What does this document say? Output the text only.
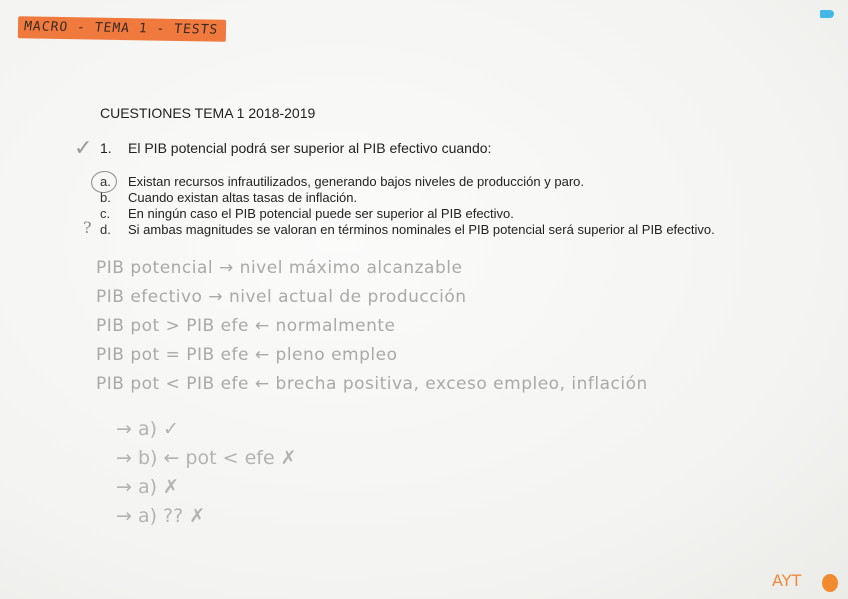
MACRO - TEMA 1 - TESTS
CUESTIONES TEMA 1 2018-2019
✓ 1. El PIB potencial podrá ser superior al PIB efectivo cuando:
?
a.	Existan recursos infrautilizados, generando bajos niveles de producción y paro.
b.	Cuando existan altas tasas de inflación.
c.	En ningún caso el PIB potencial puede ser superior al PIB efectivo.
d.	Si ambas magnitudes se valoran en términos nominales el PIB potencial será superior al PIB efectivo.
PIB potencial → nivel máximo alcanzable
PIB efectivo → nivel actual de producción
PIB pot > PIB efe ← normalmente
PIB pot = PIB efe ← pleno empleo
PIB pot < PIB efe ← brecha positiva, exceso empleo, inflación
→ a) ✓
→ b) ← pot < efe ✗
→ a) ✗
→ a) ?? ✗
AYT
